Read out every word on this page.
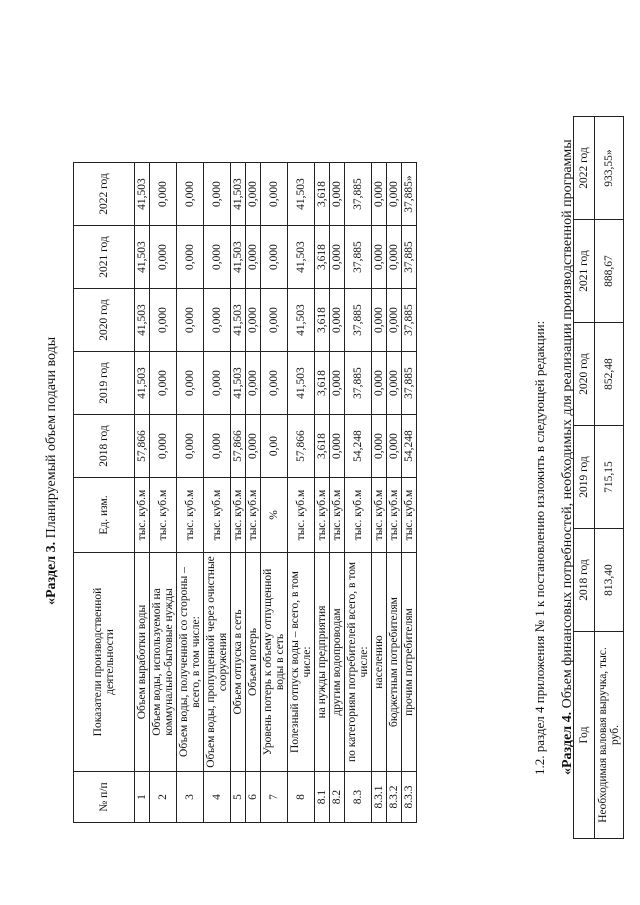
«Раздел 3. Планируемый объем подачи воды
№ п/п	Показатели производственной деятельности	Ед. изм.	2018 год	2019 год	2020 год	2021 год	2022 год
1	Объем выработки воды	тыс. куб.м	57,866	41,503	41,503	41,503	41,503
2	Объем воды, используемой на коммунально-бытовые нужды	тыс. куб.м	0,000	0,000	0,000	0,000	0,000
3	Объем воды, полученной со стороны – всего, в том числе:	тыс. куб.м	0,000	0,000	0,000	0,000	0,000
4	Объем воды, пропущенной через очистные сооружения	тыс. куб.м	0,000	0,000	0,000	0,000	0,000
5	Объем отпуска в сеть	тыс. куб.м	57,866	41,503	41,503	41,503	41,503
6	Объем потерь	тыс. куб.м	0,000	0,000	0,000	0,000	0,000
7	Уровень потерь к объему отпущенной воды в сеть	%	0,00	0,000	0,000	0,000	0,000
8	Полезный отпуск воды – всего, в том числе:	тыс. куб.м	57,866	41,503	41,503	41,503	41,503
8.1	на нужды предприятия	тыс. куб.м	3,618	3,618	3,618	3,618	3,618
8.2	другим водопроводам	тыс. куб.м	0,000	0,000	0,000	0,000	0,000
8.3	по категориям потребителей всего, в том числе:	тыс. куб.м	54,248	37,885	37,885	37,885	37,885
8.3.1	населению	тыс. куб.м	0,000	0,000	0,000	0,000	0,000
8.3.2	бюджетным потребителям	тыс. куб.м	0,000	0,000	0,000	0,000	0,000
8.3.3	прочим потребителям	тыс. куб.м	54,248	37,885	37,885	37,885	37,885»
1.2. раздел 4 приложения № 1 к постановлению изложить в следующей редакции: «Раздел 4. Объем финансовых потребностей, необходимых для реализации производственной программы
Год	2018 год	2019 год	2020 год	2021 год	2022 год
Необходимая валовая выручка, тыс. руб.	813,40	715,15	852,48	888,67	933,55»
